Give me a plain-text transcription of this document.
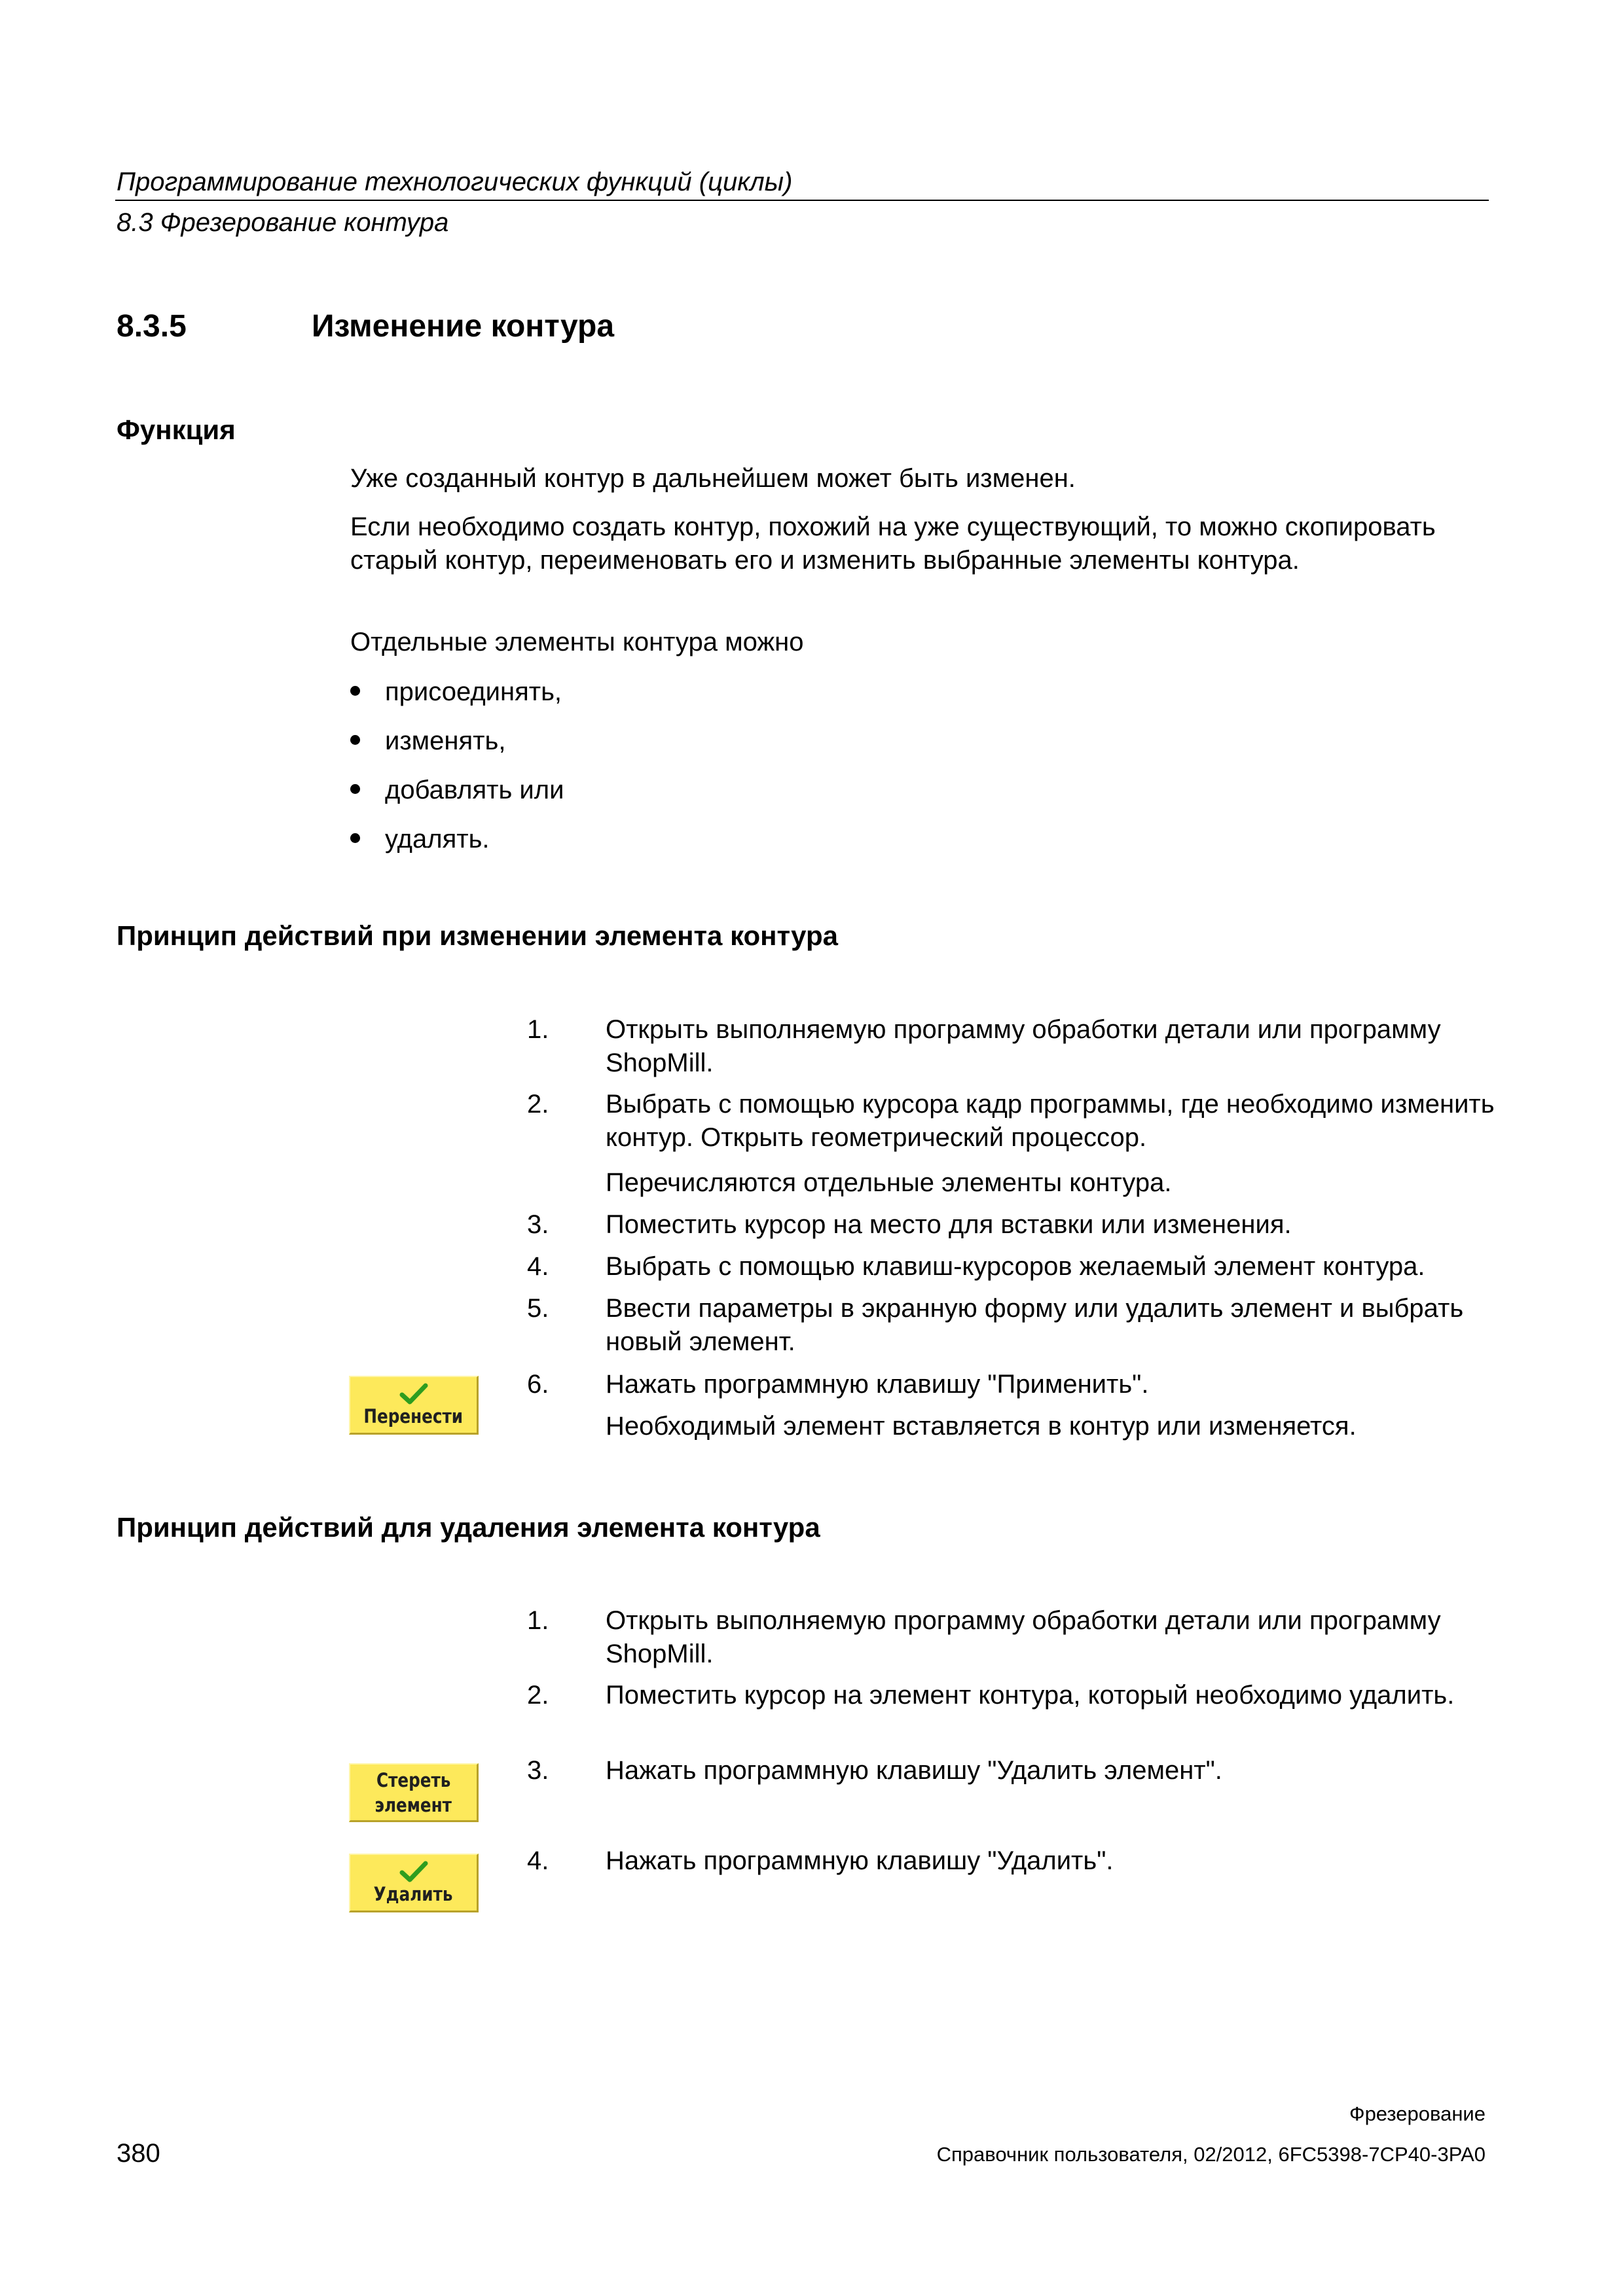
Программирование технологических функций (циклы)
8.3 Фрезерование контура
8.3.5	Изменение контура
Функция
Уже созданный контур в дальнейшем может быть изменен.
Если необходимо создать контур, похожий на уже существующий, то можно скопировать старый контур, переименовать его и изменить выбранные элементы контура.
Отдельные элементы контура можно
присоединять,
изменять,
добавлять или
удалять.
Принцип действий при изменении элемента контура
1. Открыть выполняемую программу обработки детали или программу ShopMill.
2. Выбрать с помощью курсора кадр программы, где необходимо изменить контур. Открыть геометрический процессор.
Перечисляются отдельные элементы контура.
3. Поместить курсор на место для вставки или изменения.
4. Выбрать с помощью клавиш-курсоров желаемый элемент контура.
5. Ввести параметры в экранную форму или удалить элемент и выбрать новый элемент.
Перенести
6. Нажать программную клавишу "Применить".
Необходимый элемент вставляется в контур или изменяется.
Принцип действий для удаления элемента контура
1. Открыть выполняемую программу обработки детали или программу ShopMill.
2. Поместить курсор на элемент контура, который необходимо удалить.
Стереть
элемент
3. Нажать программную клавишу "Удалить элемент".
Удалить
4. Нажать программную клавишу "Удалить".
Фрезерование
380	Справочник пользователя, 02/2012, 6FC5398-7CP40-3PA0
